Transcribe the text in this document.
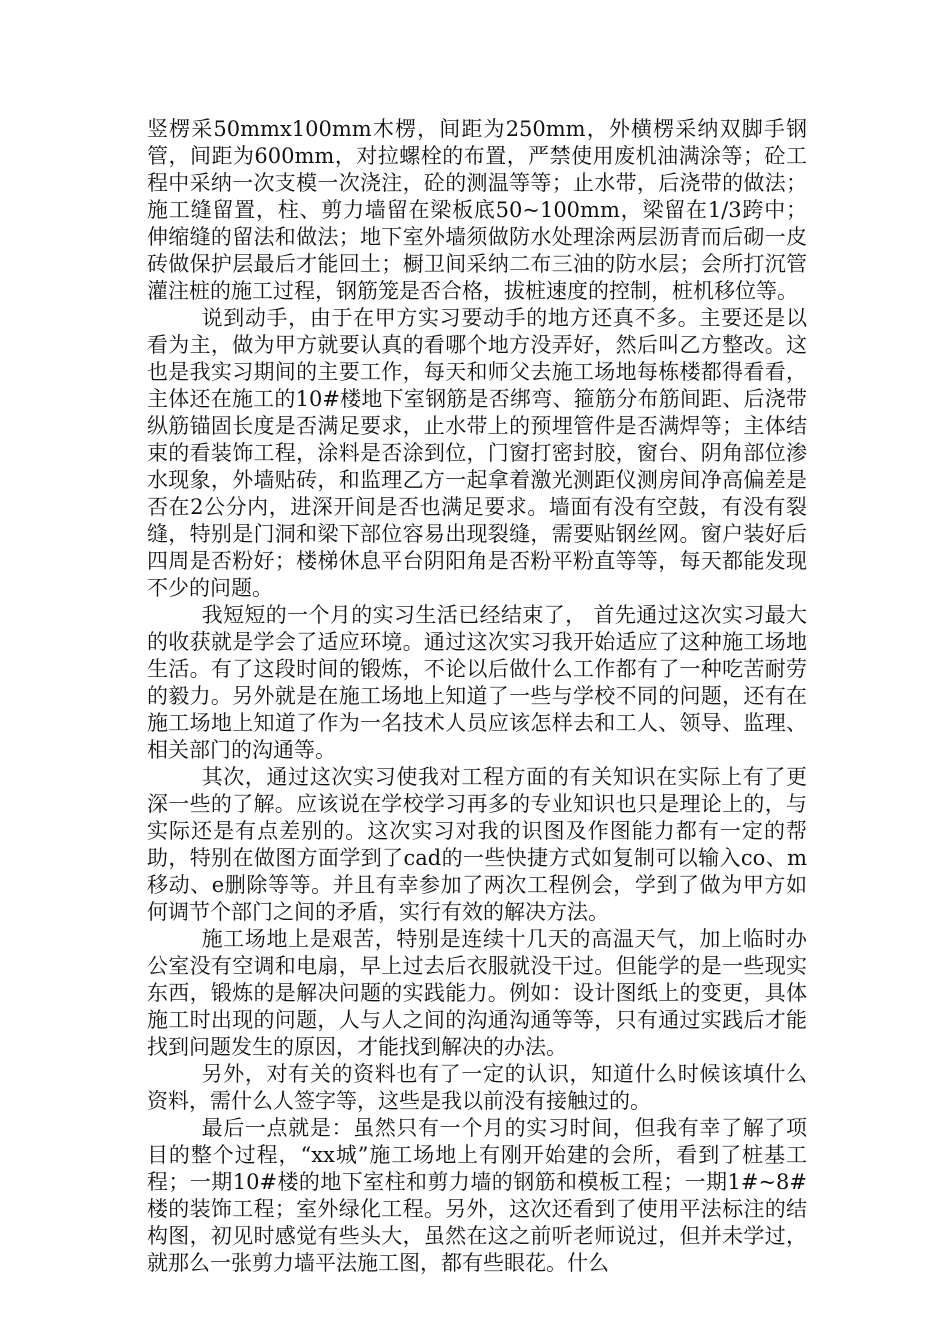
竖楞采50mmx100mm木楞，间距为250mm，外横楞采纳双脚手钢管，间距为600mm，对拉螺栓的布置，严禁使用废机油满涂等；砼工程中采纳一次支模一次浇注，砼的测温等等；止水带，后浇带的做法；施工缝留置，柱、剪力墙留在梁板底50~100mm，梁留在1/3跨中；伸缩缝的留法和做法；地下室外墙须做防水处理涂两层沥青而后砌一皮砖做保护层最后才能回土；橱卫间采纳二布三油的防水层；会所打沉管灌注桩的施工过程，钢筋笼是否合格，拔桩速度的控制，桩机移位等。

说到动手，由于在甲方实习要动手的地方还真不多。主要还是以看为主，做为甲方就要认真的看哪个地方没弄好，然后叫乙方整改。这也是我实习期间的主要工作，每天和师父去施工场地每栋楼都得看看，主体还在施工的10#楼地下室钢筋是否绑弯、箍筋分布筋间距、后浇带纵筋锚固长度是否满足要求，止水带上的预埋管件是否满焊等；主体结束的看装饰工程，涂料是否涂到位，门窗打密封胶，窗台、阴角部位渗水现象，外墙贴砖，和监理乙方一起拿着激光测距仪测房间净高偏差是否在2公分内，进深开间是否也满足要求。墙面有没有空鼓，有没有裂缝，特别是门洞和梁下部位容易出现裂缝，需要贴钢丝网。窗户装好后四周是否粉好；楼梯休息平台阴阳角是否粉平粉直等等，每天都能发现不少的问题。

我短短的一个月的实习生活已经结束了， 首先通过这次实习最大的收获就是学会了适应环境。通过这次实习我开始适应了这种施工场地生活。有了这段时间的锻炼，不论以后做什么工作都有了一种吃苦耐劳的毅力。另外就是在施工场地上知道了一些与学校不同的问题，还有在施工场地上知道了作为一名技术人员应该怎样去和工人、领导、监理、相关部门的沟通等。

其次，通过这次实习使我对工程方面的有关知识在实际上有了更深一些的了解。应该说在学校学习再多的专业知识也只是理论上的，与实际还是有点差别的。这次实习对我的识图及作图能力都有一定的帮助，特别在做图方面学到了cad的一些快捷方式如复制可以输入co、m移动、e删除等等。并且有幸参加了两次工程例会，学到了做为甲方如何调节个部门之间的矛盾，实行有效的解决方法。

施工场地上是艰苦，特别是连续十几天的高温天气，加上临时办公室没有空调和电扇，早上过去后衣服就没干过。但能学的是一些现实东西，锻炼的是解决问题的实践能力。例如：设计图纸上的变更，具体施工时出现的问题，人与人之间的沟通沟通等等，只有通过实践后才能找到问题发生的原因，才能找到解决的办法。

另外，对有关的资料也有了一定的认识，知道什么时候该填什么资料，需什么人签字等，这些是我以前没有接触过的。

最后一点就是：虽然只有一个月的实习时间，但我有幸了解了项目的整个过程，“xx城”施工场地上有刚开始建的会所，看到了桩基工程；一期10#楼的地下室柱和剪力墙的钢筋和模板工程；一期1#~8#楼的装饰工程；室外绿化工程。另外，这次还看到了使用平法标注的结构图，初见时感觉有些头大，虽然在这之前听老师说过，但并未学过，就那么一张剪力墙平法施工图，都有些眼花。什么
